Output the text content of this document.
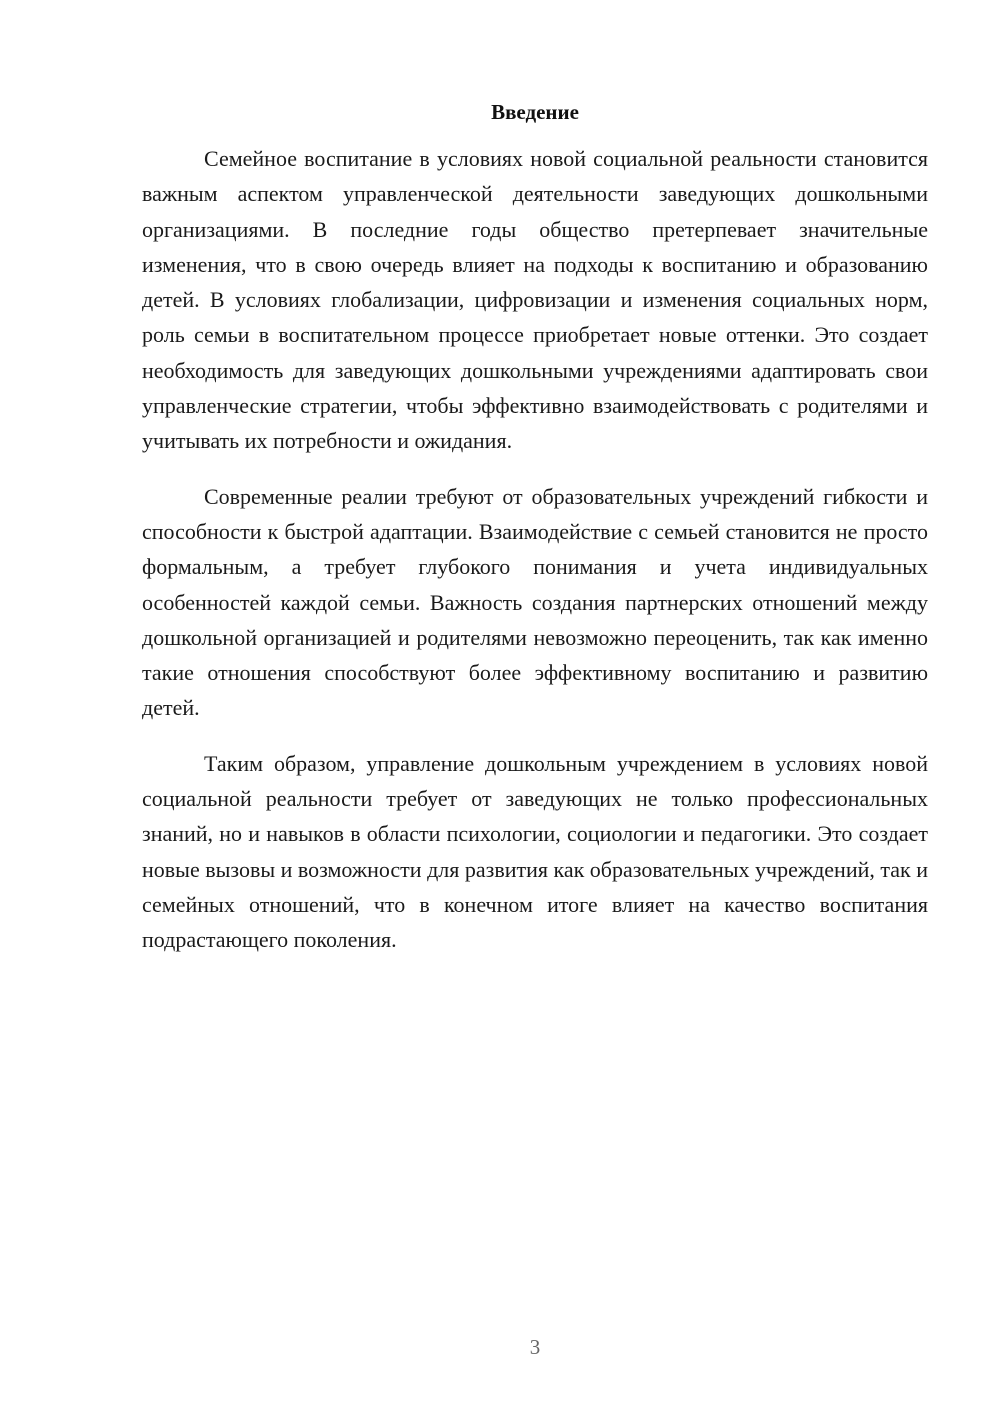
Введение

Семейное воспитание в условиях новой социальной реальности становится важным аспектом управленческой деятельности заведующих дошкольными организациями. В последние годы общество претерпевает значительные изменения, что в свою очередь влияет на подходы к воспитанию и образованию детей. В условиях глобализации, цифровизации и изменения социальных норм, роль семьи в воспитательном процессе приобретает новые оттенки. Это создает необходимость для заведующих дошкольными учреждениями адаптировать свои управленческие стратегии, чтобы эффективно взаимодействовать с родителями и учитывать их потребности и ожидания.

Современные реалии требуют от образовательных учреждений гибкости и способности к быстрой адаптации. Взаимодействие с семьей становится не просто формальным, а требует глубокого понимания и учета индивидуальных особенностей каждой семьи. Важность создания партнерских отношений между дошкольной организацией и родителями невозможно переоценить, так как именно такие отношения способствуют более эффективному воспитанию и развитию детей.

Таким образом, управление дошкольным учреждением в условиях новой социальной реальности требует от заведующих не только профессиональных знаний, но и навыков в области психологии, социологии и педагогики. Это создает новые вызовы и возможности для развития как образовательных учреждений, так и семейных отношений, что в конечном итоге влияет на качество воспитания подрастающего поколения.

3
